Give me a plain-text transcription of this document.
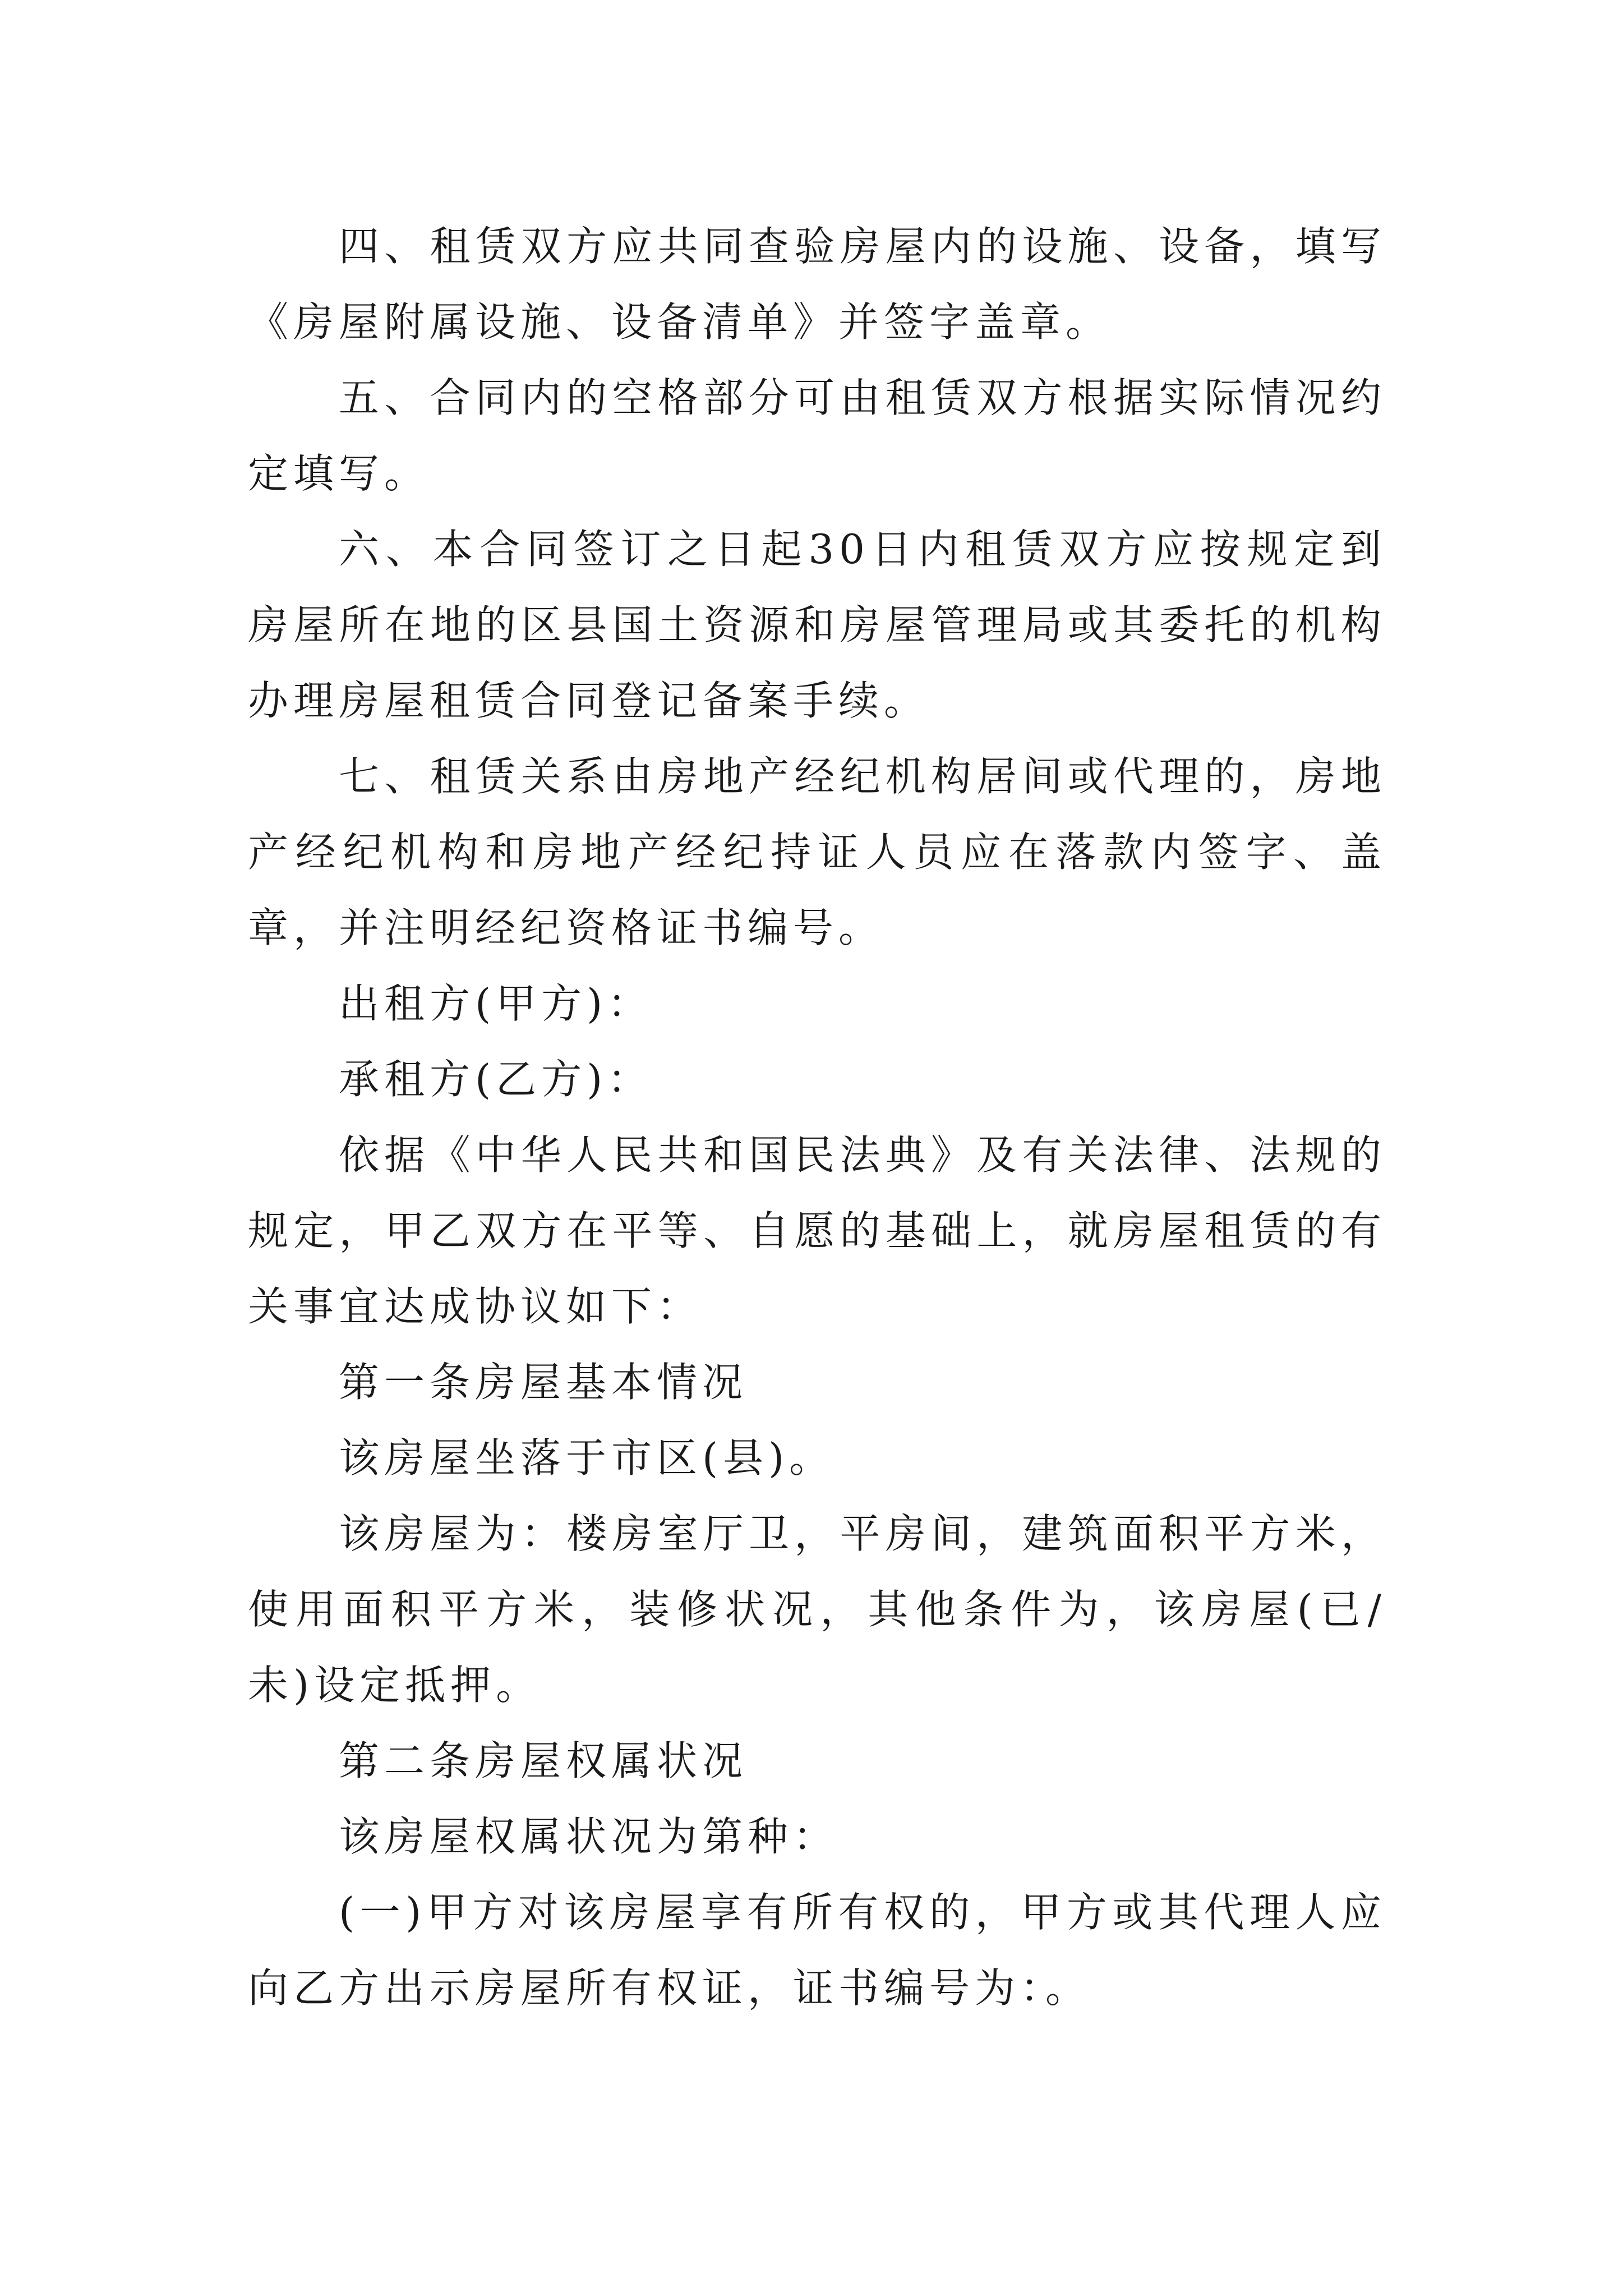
四、租赁双方应共同查验房屋内的设施、设备，填写《房屋附属设施、设备清单》并签字盖章。

五、合同内的空格部分可由租赁双方根据实际情况约定填写。

六、本合同签订之日起30日内租赁双方应按规定到房屋所在地的区县国土资源和房屋管理局或其委托的机构办理房屋租赁合同登记备案手续。

七、租赁关系由房地产经纪机构居间或代理的，房地产经纪机构和房地产经纪持证人员应在落款内签字、盖章，并注明经纪资格证书编号。

出租方(甲方)：

承租方(乙方)：

依据《中华人民共和国民法典》及有关法律、法规的规定，甲乙双方在平等、自愿的基础上，就房屋租赁的有关事宜达成协议如下：

第一条房屋基本情况

该房屋坐落于市区(县)。

该房屋为：楼房室厅卫，平房间，建筑面积平方米，使用面积平方米，装修状况，其他条件为，该房屋(已/未)设定抵押。

第二条房屋权属状况

该房屋权属状况为第种：

(一)甲方对该房屋享有所有权的，甲方或其代理人应向乙方出示房屋所有权证，证书编号为：。
